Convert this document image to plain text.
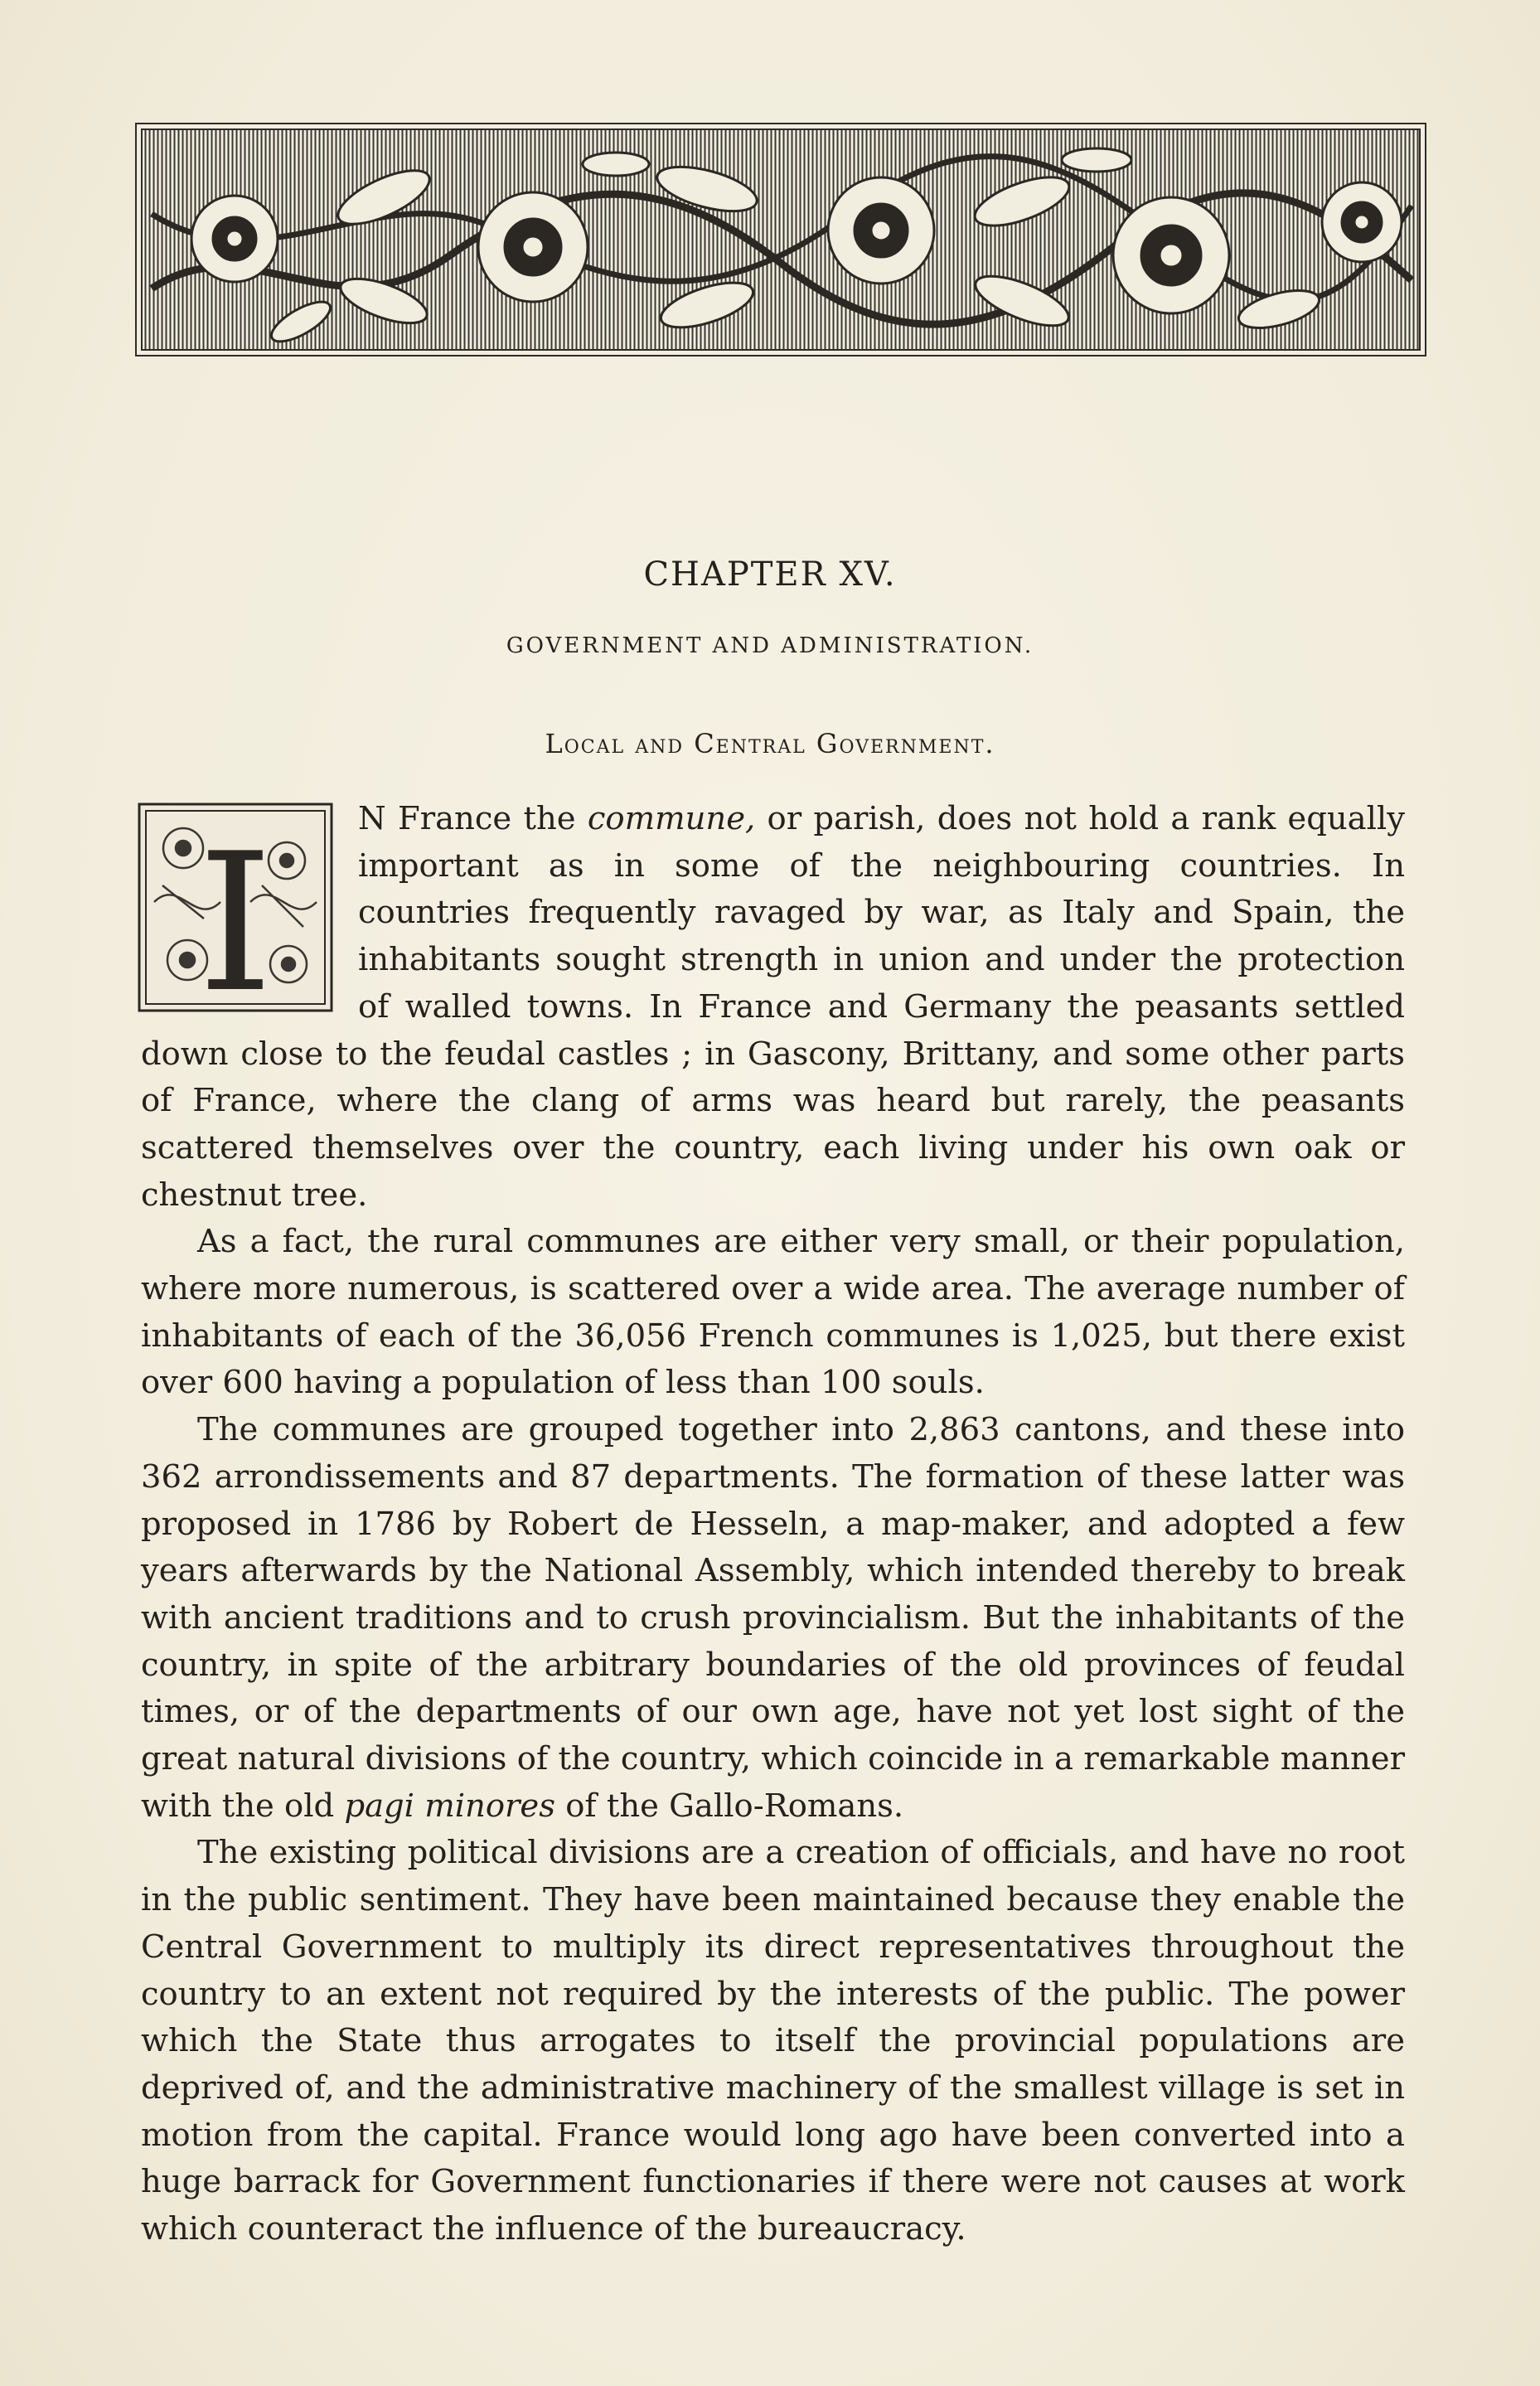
CHAPTER XV.
GOVERNMENT AND ADMINISTRATION.
Local and Central Government.
I	N France the commune, or parish, does not hold a rank equally important as in some of the neighbouring countries. In countries frequently ravaged by war, as Italy and Spain, the inhabitants sought strength in union and under the protection of walled towns. In France and Germany the peasants settled down close to the feudal castles ; in Gascony, Brittany, and some other parts of France, where the clang of arms was heard but rarely, the peasants scattered themselves over the country, each living under his own oak or chestnut tree.

As a fact, the rural communes are either very small, or their population, where more numerous, is scattered over a wide area. The average number of inhabitants of each of the 36,056 French communes is 1,025, but there exist over 600 having a population of less than 100 souls.

The communes are grouped together into 2,863 cantons, and these into 362 arrondissements and 87 departments. The formation of these latter was proposed in 1786 by Robert de Hesseln, a map-maker, and adopted a few years afterwards by the National Assembly, which intended thereby to break with ancient traditions and to crush provincialism. But the inhabitants of the country, in spite of the arbitrary boundaries of the old provinces of feudal times, or of the departments of our own age, have not yet lost sight of the great natural divisions of the country, which coincide in a remarkable manner with the old pagi minores of the Gallo-Romans.

The existing political divisions are a creation of officials, and have no root in the public sentiment. They have been maintained because they enable the Central Government to multiply its direct representatives throughout the country to an extent not required by the interests of the public. The power which the State thus arrogates to itself the provincial populations are deprived of, and the administrative machinery of the smallest village is set in motion from the capital. France would long ago have been converted into a huge barrack for Government functionaries if there were not causes at work which counteract the influence of the bureaucracy.
